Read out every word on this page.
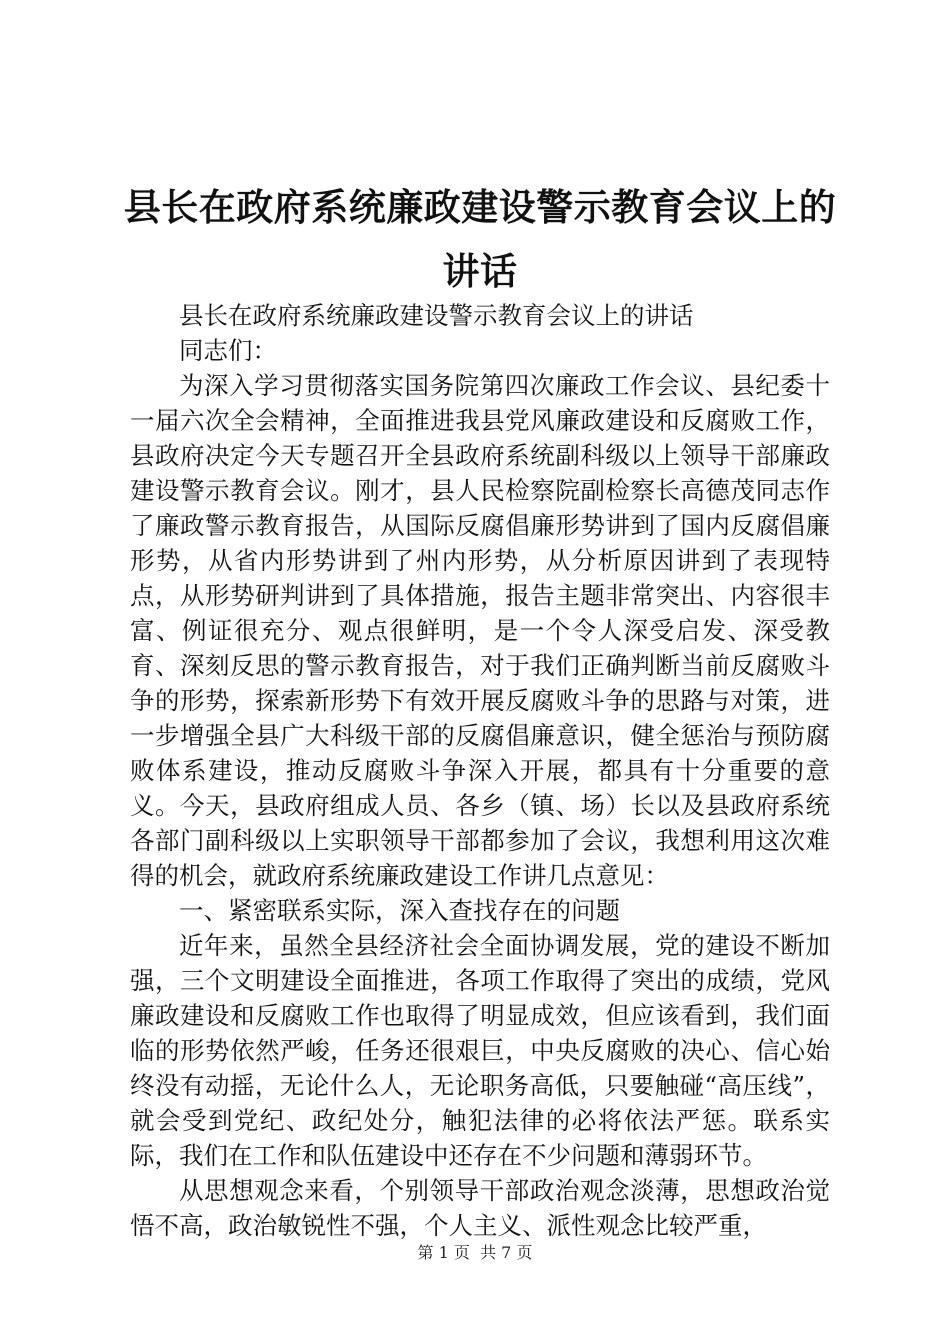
县长在政府系统廉政建设警示教育会议上的讲话

县长在政府系统廉政建设警示教育会议上的讲话

同志们：

为深入学习贯彻落实国务院第四次廉政工作会议、县纪委十一届六次全会精神，全面推进我县党风廉政建设和反腐败工作，县政府决定今天专题召开全县政府系统副科级以上领导干部廉政建设警示教育会议。刚才，县人民检察院副检察长高德茂同志作了廉政警示教育报告，从国际反腐倡廉形势讲到了国内反腐倡廉形势，从省内形势讲到了州内形势，从分析原因讲到了表现特点，从形势研判讲到了具体措施，报告主题非常突出、内容很丰富、例证很充分、观点很鲜明，是一个令人深受启发、深受教育、深刻反思的警示教育报告，对于我们正确判断当前反腐败斗争的形势，探索新形势下有效开展反腐败斗争的思路与对策，进一步增强全县广大科级干部的反腐倡廉意识，健全惩治与预防腐败体系建设，推动反腐败斗争深入开展，都具有十分重要的意义。今天，县政府组成人员、各乡（镇、场）长以及县政府系统各部门副科级以上实职领导干部都参加了会议，我想利用这次难得的机会，就政府系统廉政建设工作讲几点意见：

一、紧密联系实际，深入查找存在的问题

近年来，虽然全县经济社会全面协调发展，党的建设不断加强，三个文明建设全面推进，各项工作取得了突出的成绩，党风廉政建设和反腐败工作也取得了明显成效，但应该看到，我们面临的形势依然严峻，任务还很艰巨，中央反腐败的决心、信心始终没有动摇，无论什么人，无论职务高低，只要触碰“高压线”，就会受到党纪、政纪处分，触犯法律的必将依法严惩。联系实际，我们在工作和队伍建设中还存在不少问题和薄弱环节。

从思想观念来看，个别领导干部政治观念淡薄，思想政治觉悟不高，政治敏锐性不强，个人主义、派性观念比较严重，

第 1 页  共 7 页
